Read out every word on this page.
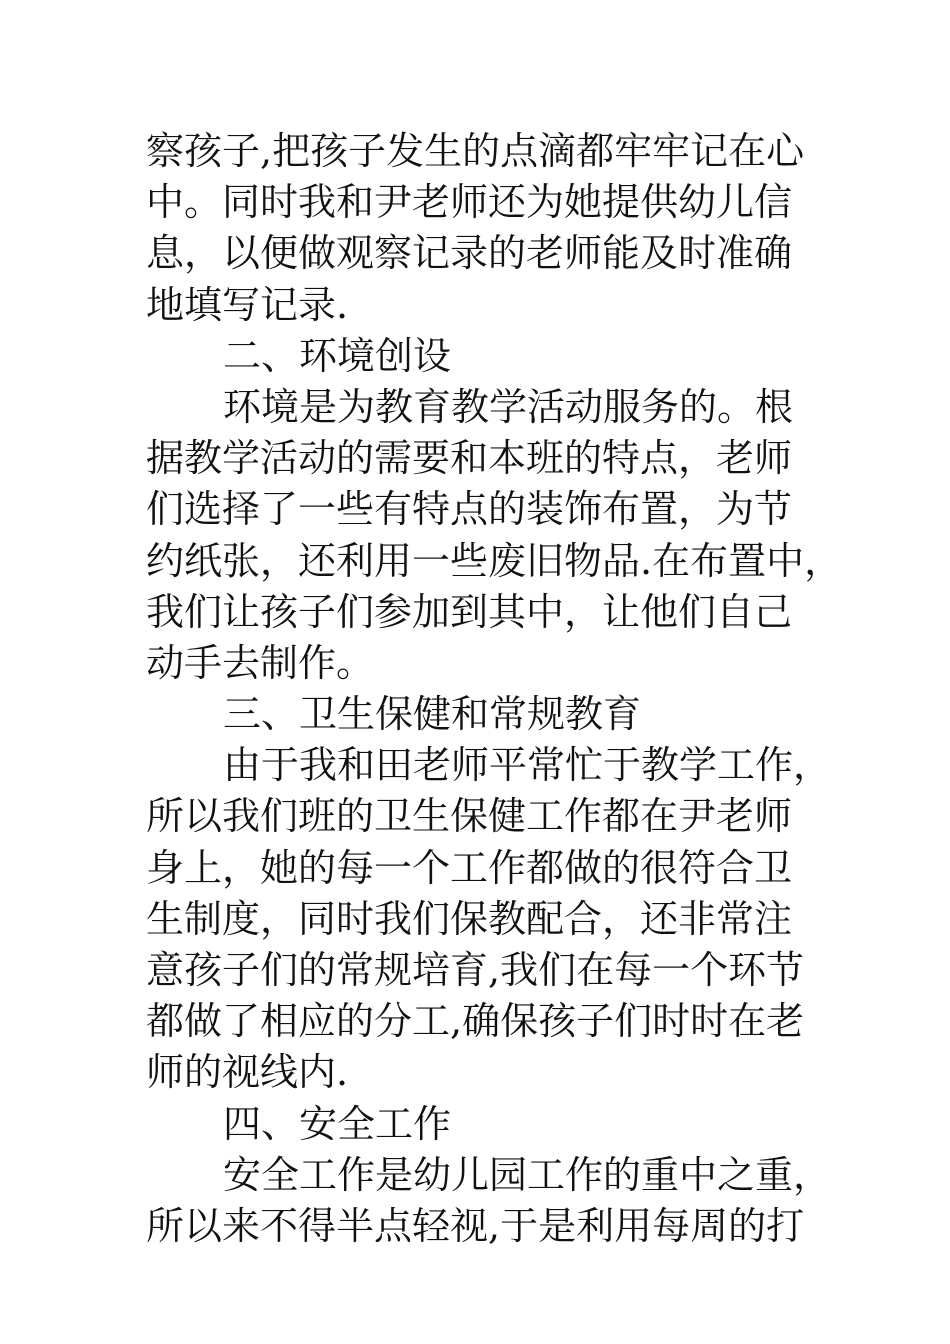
察孩子,把孩子发生的点滴都牢牢记在心
中。同时我和尹老师还为她提供幼儿信
息，以便做观察记录的老师能及时准确
地填写记录.
二、环境创设
环境是为教育教学活动服务的。根
据教学活动的需要和本班的特点，老师
们选择了一些有特点的装饰布置，为节
约纸张，还利用一些废旧物品.在布置中，
我们让孩子们参加到其中，让他们自己
动手去制作。
三、卫生保健和常规教育
由于我和田老师平常忙于教学工作，
所以我们班的卫生保健工作都在尹老师
身上，她的每一个工作都做的很符合卫
生制度，同时我们保教配合，还非常注
意孩子们的常规培育,我们在每一个环节
都做了相应的分工,确保孩子们时时在老
师的视线内.
四、安全工作
安全工作是幼儿园工作的重中之重，
所以来不得半点轻视,于是利用每周的打
